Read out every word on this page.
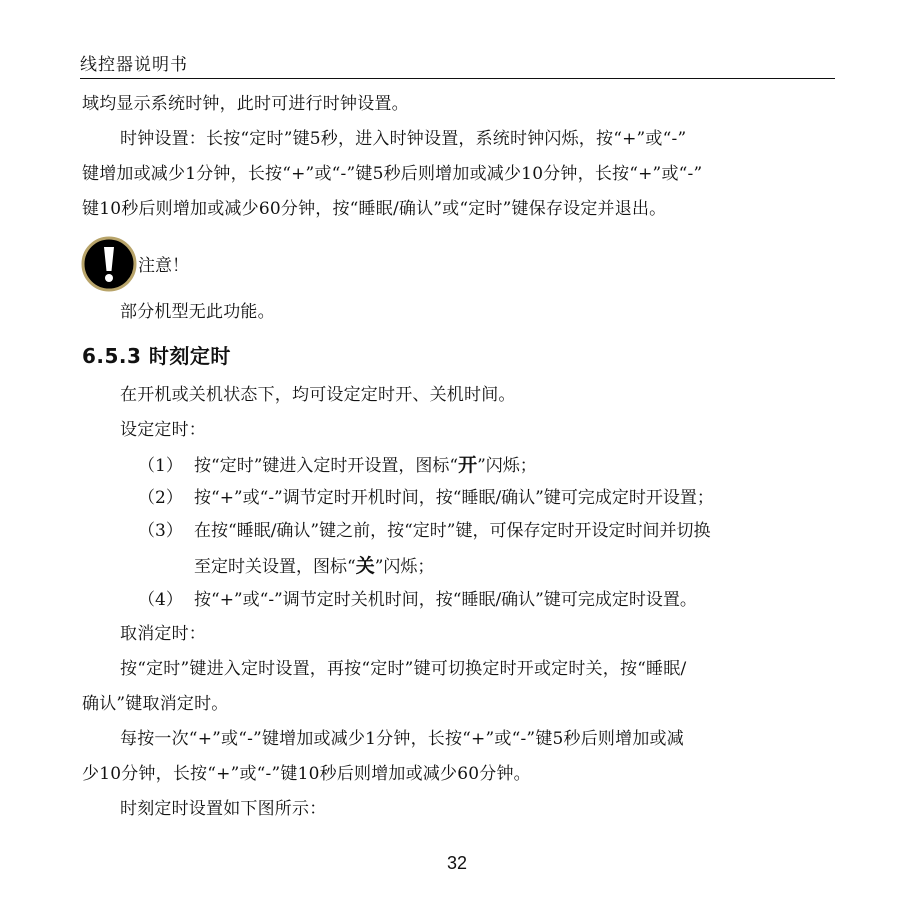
线控器说明书
域均显示系统时钟，此时可进行时钟设置。
时钟设置：长按“定时”键5秒，进入时钟设置，系统时钟闪烁，按“+”或“-”
键增加或减少1分钟，长按“+”或“-”键5秒后则增加或减少10分钟，长按“+”或“-”
键10秒后则增加或减少60分钟，按“睡眠/确认”或“定时”键保存设定并退出。
注意！
部分机型无此功能。
6.5.3 时刻定时
在开机或关机状态下，均可设定定时开、关机时间。
设定定时：
（1） 按“定时”键进入定时开设置，图标“开”闪烁；
（2） 按“+”或“-”调节定时开机时间，按“睡眠/确认”键可完成定时开设置；
（3） 在按“睡眠/确认”键之前，按“定时”键，可保存定时开设定时间并切换
至定时关设置，图标“关”闪烁；
（4） 按“+”或“-”调节定时关机时间，按“睡眠/确认”键可完成定时设置。
取消定时：
按“定时”键进入定时设置，再按“定时”键可切换定时开或定时关，按“睡眠/
确认”键取消定时。
每按一次“+”或“-”键增加或减少1分钟，长按“+”或“-”键5秒后则增加或减
少10分钟，长按“+”或“-”键10秒后则增加或减少60分钟。
时刻定时设置如下图所示：
32
